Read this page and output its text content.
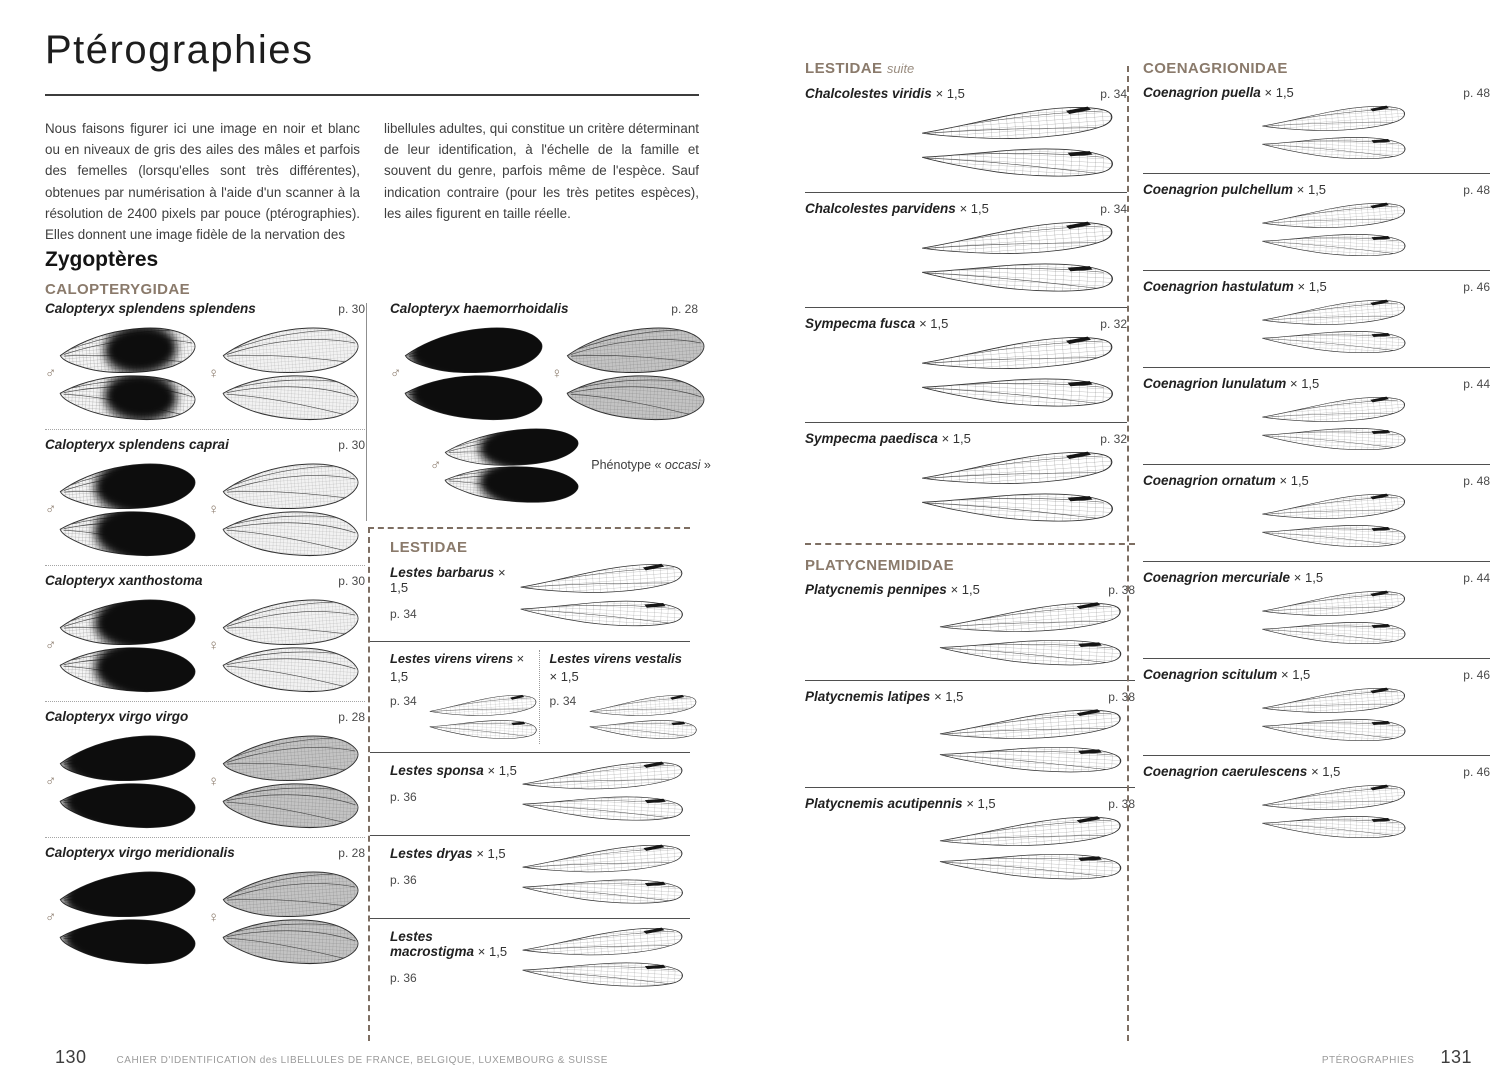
Ptérographies
Nous faisons figurer ici une image en noir et blanc ou en niveaux de gris des ailes des mâles et parfois des femelles (lorsqu'elles sont très différentes), obtenues par numérisation à l'aide d'un scanner à la résolution de 2400 pixels par pouce (ptérographies). Elles donnent une image fidèle de la nervation des
libellules adultes, qui constitue un critère déterminant de leur identification, à l'échelle de la famille et souvent du genre, parfois même de l'espèce. Sauf indication contraire (pour les très petites espèces), les ailes figurent en taille réelle.
Zygoptères
CALOPTERYGIDAE
Calopteryx splendens splendens	p. 30
♂	♀
Calopteryx splendens caprai	p. 30
♂	♀
Calopteryx xanthostoma	p. 30
♂	♀
Calopteryx virgo virgo	p. 28
♂	♀
Calopteryx virgo meridionalis	p. 28
♂	♀
Calopteryx haemorrhoidalis	p. 28
♂	♀
♂	Phénotype « occasi »
LESTIDAE
Lestes barbarus × 1,5
p. 34
Lestes virens virens × 1,5
p. 34
Lestes virens vestalis × 1,5
p. 34
Lestes sponsa × 1,5
p. 36
Lestes dryas × 1,5
p. 36
Lestes macrostigma × 1,5
p. 36
130	CAHIER D'IDENTIFICATION des LIBELLULES DE FRANCE, BELGIQUE, LUXEMBOURG & SUISSE
LESTIDAE suite
Chalcolestes viridis × 1,5	p. 34
Chalcolestes parvidens × 1,5	p. 34
Sympecma fusca × 1,5	p. 32
Sympecma paedisca × 1,5	p. 32
PLATYCNEMIDIDAE
Platycnemis pennipes × 1,5	p. 38
Platycnemis latipes × 1,5	p. 38
Platycnemis acutipennis × 1,5	p. 38
COENAGRIONIDAE
Coenagrion puella × 1,5	p. 48
Coenagrion pulchellum × 1,5	p. 48
Coenagrion hastulatum × 1,5	p. 46
Coenagrion lunulatum × 1,5	p. 44
Coenagrion ornatum × 1,5	p. 48
Coenagrion mercuriale × 1,5	p. 44
Coenagrion scitulum × 1,5	p. 46
Coenagrion caerulescens × 1,5	p. 46
PTÉROGRAPHIES 131
